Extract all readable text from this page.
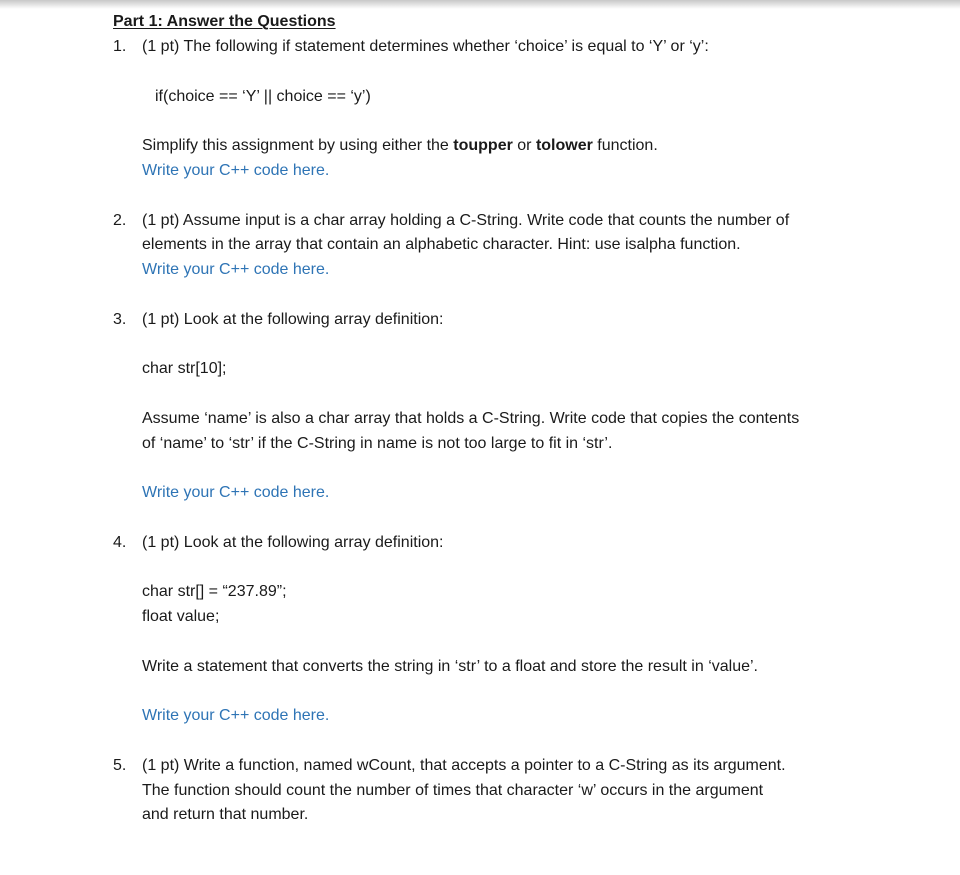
Part 1: Answer the Questions
1. (1 pt) The following if statement determines whether ‘choice’ is equal to ‘Y’ or ‘y’:
if(choice == ‘Y’ || choice == ‘y’)
Simplify this assignment by using either the toupper or tolower function.
Write your C++ code here.
2. (1 pt) Assume input is a char array holding a C-String. Write code that counts the number of
elements in the array that contain an alphabetic character. Hint: use isalpha function.
Write your C++ code here.
3. (1 pt) Look at the following array definition:
char str[10];
Assume ‘name’ is also a char array that holds a C-String. Write code that copies the contents
of ‘name’ to ‘str’ if the C-String in name is not too large to fit in ‘str’.
Write your C++ code here.
4. (1 pt) Look at the following array definition:
char str[] = “237.89”;
float value;
Write a statement that converts the string in ‘str’ to a float and store the result in ‘value’.
Write your C++ code here.
5. (1 pt) Write a function, named wCount, that accepts a pointer to a C-String as its argument.
The function should count the number of times that character ‘w’ occurs in the argument
and return that number.
